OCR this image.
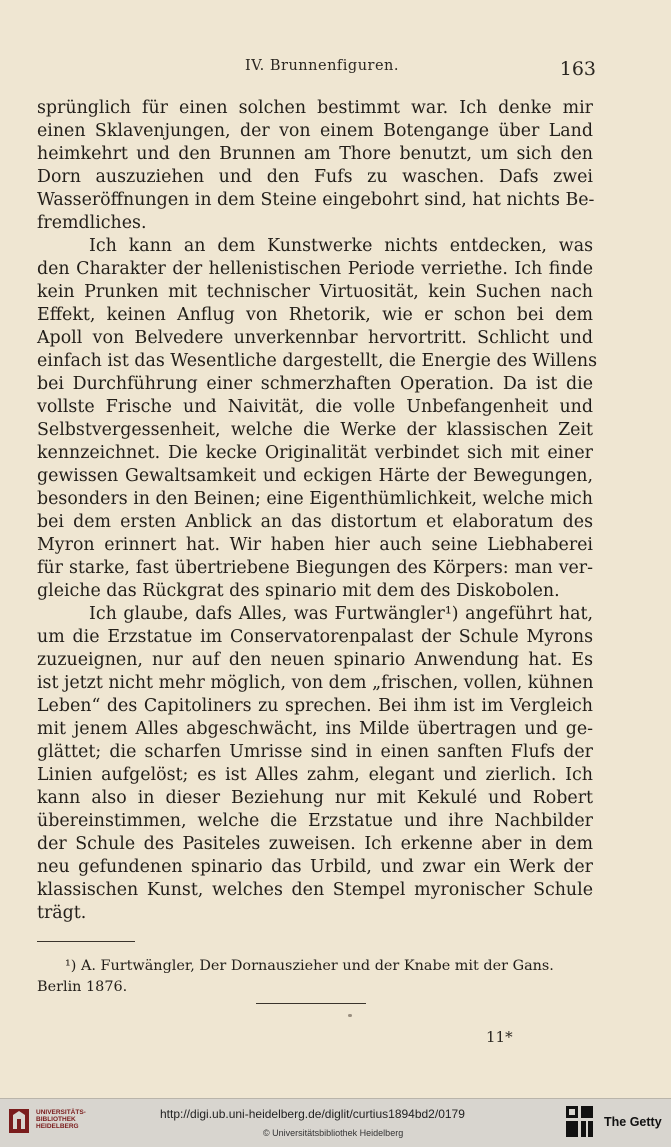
IV. Brunnenfiguren.	163

sprünglich für einen solchen bestimmt war. Ich denke mir
einen Sklavenjungen, der von einem Botengange über Land
heimkehrt und den Brunnen am Thore benutzt, um sich den
Dorn auszuziehen und den Fufs zu waschen. Dafs zwei
Wasseröffnungen in dem Steine eingebohrt sind, hat nichts Be-
fremdliches.

Ich kann an dem Kunstwerke nichts entdecken, was
den Charakter der hellenistischen Periode verriethe. Ich finde
kein Prunken mit technischer Virtuosität, kein Suchen nach
Effekt, keinen Anflug von Rhetorik, wie er schon bei dem
Apoll von Belvedere unverkennbar hervortritt. Schlicht und
einfach ist das Wesentliche dargestellt, die Energie des Willens
bei Durchführung einer schmerzhaften Operation. Da ist die
vollste Frische und Naivität, die volle Unbefangenheit und
Selbstvergessenheit, welche die Werke der klassischen Zeit
kennzeichnet. Die kecke Originalität verbindet sich mit einer
gewissen Gewaltsamkeit und eckigen Härte der Bewegungen,
besonders in den Beinen; eine Eigenthümlichkeit, welche mich
bei dem ersten Anblick an das distortum et elaboratum des
Myron erinnert hat. Wir haben hier auch seine Liebhaberei
für starke, fast übertriebene Biegungen des Körpers: man ver-
gleiche das Rückgrat des spinario mit dem des Diskobolen.

Ich glaube, dafs Alles, was Furtwängler¹) angeführt hat,
um die Erzstatue im Conservatorenpalast der Schule Myrons
zuzueignen, nur auf den neuen spinario Anwendung hat. Es
ist jetzt nicht mehr möglich, von dem „frischen, vollen, kühnen
Leben“ des Capitoliners zu sprechen. Bei ihm ist im Vergleich
mit jenem Alles abgeschwächt, ins Milde übertragen und ge-
glättet; die scharfen Umrisse sind in einen sanften Flufs der
Linien aufgelöst; es ist Alles zahm, elegant und zierlich. Ich
kann also in dieser Beziehung nur mit Kekulé und Robert
übereinstimmen, welche die Erzstatue und ihre Nachbilder
der Schule des Pasiteles zuweisen. Ich erkenne aber in dem
neu gefundenen spinario das Urbild, und zwar ein Werk der
klassischen Kunst, welches den Stempel myronischer Schule
trägt.

¹) A. Furtwängler, Der Dornauszieher und der Knabe mit der Gans.
Berlin 1876.
11*
UNIVERSITÄTS-
BIBLIOTHEK
HEIDELBERG
http://digi.ub.uni-heidelberg.de/diglit/curtius1894bd2/0179
© Universitätsbibliothek Heidelberg
The Getty
